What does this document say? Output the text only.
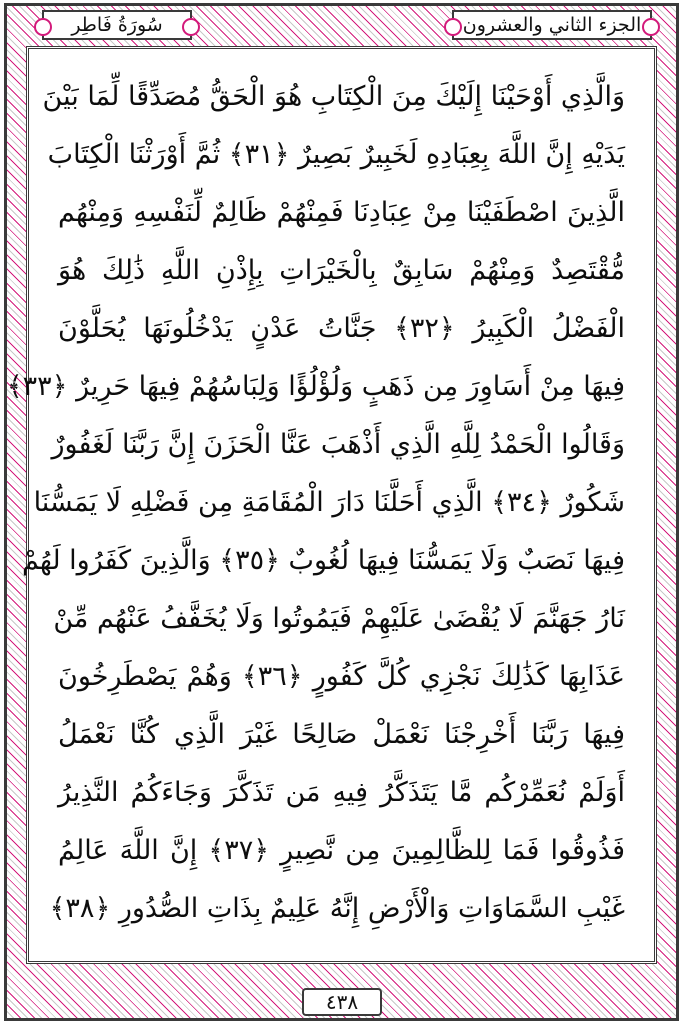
الجزء الثاني والعشرون
سُورَةُ فَاطِر
وَالَّذِي أَوْحَيْنَا إِلَيْكَ مِنَ الْكِتَابِ هُوَ الْحَقُّ مُصَدِّقًا لِّمَا بَيْنَ
يَدَيْهِ إِنَّ اللَّهَ بِعِبَادِهِ لَخَبِيرٌ بَصِيرٌ ﴿٣١﴾ ثُمَّ أَوْرَثْنَا الْكِتَابَ
الَّذِينَ اصْطَفَيْنَا مِنْ عِبَادِنَا فَمِنْهُمْ ظَالِمٌ لِّنَفْسِهِ وَمِنْهُم
مُّقْتَصِدٌ وَمِنْهُمْ سَابِقٌ بِالْخَيْرَاتِ بِإِذْنِ اللَّهِ ذَٰلِكَ هُوَ
الْفَضْلُ الْكَبِيرُ ﴿٣٢﴾ جَنَّاتُ عَدْنٍ يَدْخُلُونَهَا يُحَلَّوْنَ
فِيهَا مِنْ أَسَاوِرَ مِن ذَهَبٍ وَلُؤْلُؤًا وَلِبَاسُهُمْ فِيهَا حَرِيرٌ ﴿٣٣﴾
وَقَالُوا الْحَمْدُ لِلَّهِ الَّذِي أَذْهَبَ عَنَّا الْحَزَنَ إِنَّ رَبَّنَا لَغَفُورٌ
شَكُورٌ ﴿٣٤﴾ الَّذِي أَحَلَّنَا دَارَ الْمُقَامَةِ مِن فَضْلِهِ لَا يَمَسُّنَا
فِيهَا نَصَبٌ وَلَا يَمَسُّنَا فِيهَا لُغُوبٌ ﴿٣٥﴾ وَالَّذِينَ كَفَرُوا لَهُمْ
نَارُ جَهَنَّمَ لَا يُقْضَىٰ عَلَيْهِمْ فَيَمُوتُوا وَلَا يُخَفَّفُ عَنْهُم مِّنْ
عَذَابِهَا كَذَٰلِكَ نَجْزِي كُلَّ كَفُورٍ ﴿٣٦﴾ وَهُمْ يَصْطَرِخُونَ
فِيهَا رَبَّنَا أَخْرِجْنَا نَعْمَلْ صَالِحًا غَيْرَ الَّذِي كُنَّا نَعْمَلُ
أَوَلَمْ نُعَمِّرْكُم مَّا يَتَذَكَّرُ فِيهِ مَن تَذَكَّرَ وَجَاءَكُمُ النَّذِيرُ
فَذُوقُوا فَمَا لِلظَّالِمِينَ مِن نَّصِيرٍ ﴿٣٧﴾ إِنَّ اللَّهَ عَالِمُ
غَيْبِ السَّمَاوَاتِ وَالْأَرْضِ إِنَّهُ عَلِيمٌ بِذَاتِ الصُّدُورِ ﴿٣٨﴾
٤٣٨
